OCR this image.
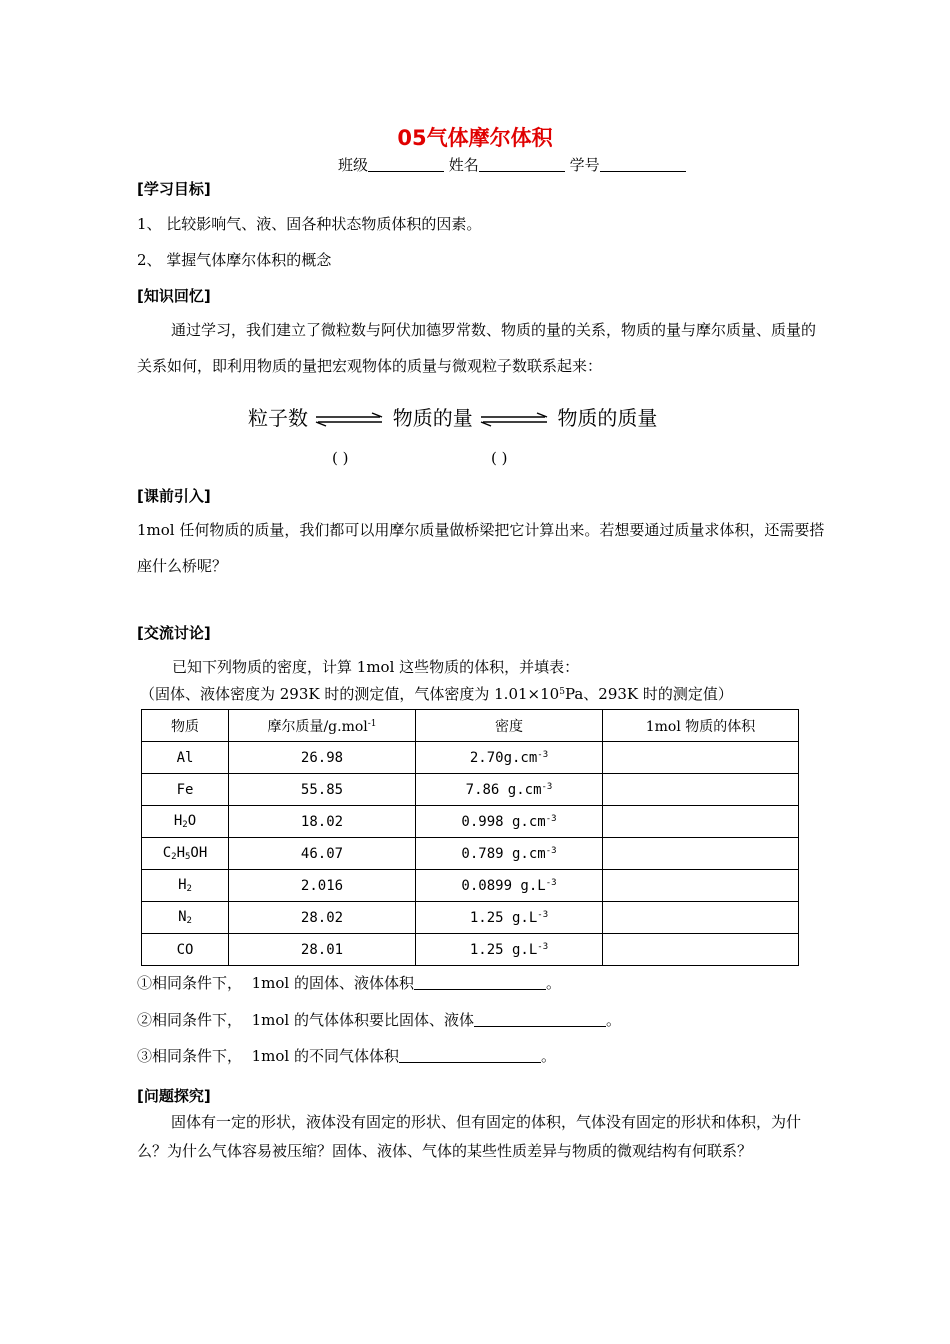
05气体摩尔体积
班级	姓名	学号
[学习目标]
1、 比较影响气、液、固各种状态物质体积的因素。
2、 掌握气体摩尔体积的概念
[知识回忆]
通过学习，我们建立了微粒数与阿伏加德罗常数、物质的量的关系，物质的量与摩尔质量、质量的关系如何，即利用物质的量把宏观物体的质量与微观粒子数联系起来：
粒子数	物质的量	物质的质量
( )	( )
[课前引入]
1mol 任何物质的质量，我们都可以用摩尔质量做桥梁把它计算出来。若想要通过质量求体积，还需要搭座什么桥呢？
[交流讨论]
已知下列物质的密度，计算 1mol 这些物质的体积，并填表：
（固体、液体密度为 293K 时的测定值，气体密度为 $1.01\times 10^5Pa$、293K 时的测定值）
物质	摩尔质量/g.mol$^{-1}$	密度	1mol 物质的体积
Al	26.98	$2.70g.cm^{-3}$	
Fe	55.85	7.86 $g.cm^{-3}$	
$H_2O$	18.02	0.998 $g.cm^{-3}$	
$C_2H_5OH$	46.07	0.789 $g.cm^{-3}$	
$H_2$	2.016	0.0899 $g.L^{-3}$	
$N_2$	28.02	1.25 $g.L^{-3}$	
CO	28.01	1.25 $g.L^{-3}$	
①相同条件下， 1mol 的固体、液体体积	。
②相同条件下， 1mol 的气体体积要比固体、液体	。
③相同条件下， 1mol 的不同气体体积	。
[问题探究]
固体有一定的形状，液体没有固定的形状、但有固定的体积，气体没有固定的形状和体积，为什么？为什么气体容易被压缩？固体、液体、气体的某些性质差异与物质的微观结构有何联系？
